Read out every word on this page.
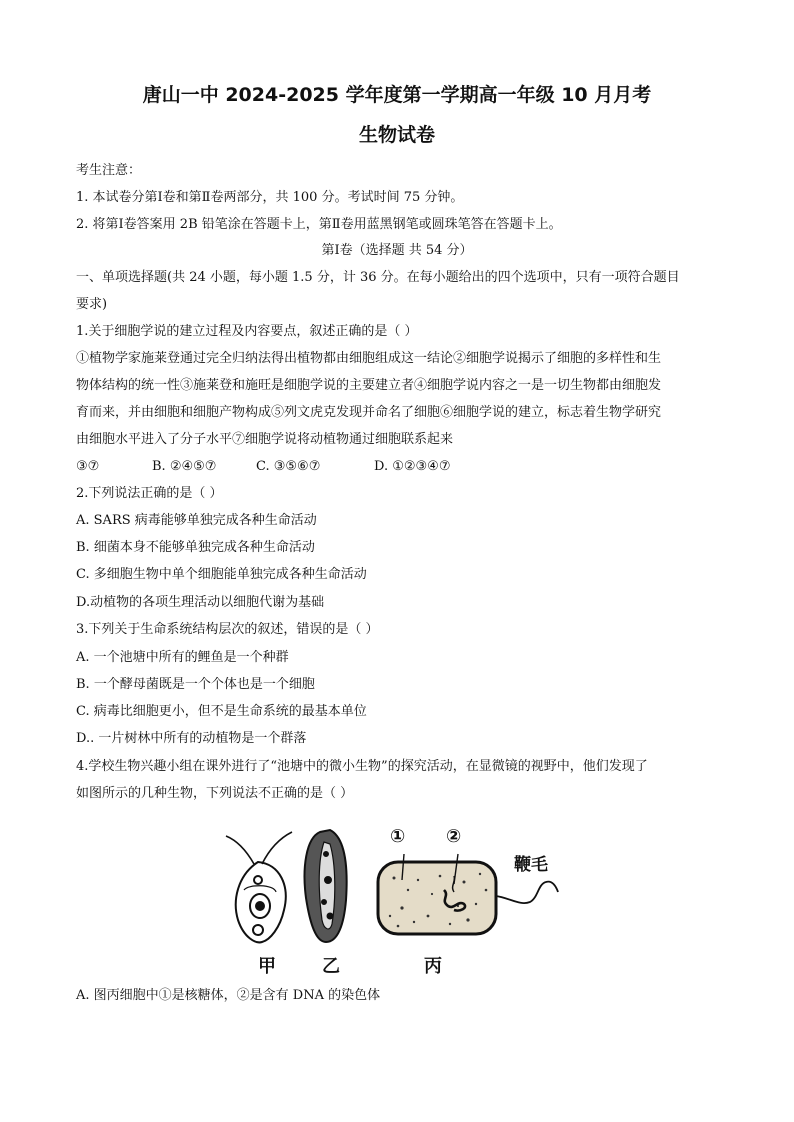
唐山一中 2024-2025 学年度第一学期高一年级 10 月月考
生物试卷
考生注意：
1. 本试卷分第Ⅰ卷和第Ⅱ卷两部分，共 100 分。考试时间 75 分钟。
2. 将第Ⅰ卷答案用 2B 铅笔涂在答题卡上，第Ⅱ卷用蓝黑钢笔或圆珠笔答在答题卡上。
第Ⅰ卷（选择题 共 54 分）
一、单项选择题(共 24 小题，每小题 1.5 分，计 36 分。在每小题给出的四个选项中，只有一项符合题目
要求)
1.关于细胞学说的建立过程及内容要点，叙述正确的是（ ）
①植物学家施莱登通过完全归纳法得出植物都由细胞组成这一结论②细胞学说揭示了细胞的多样性和生
物体结构的统一性③施莱登和施旺是细胞学说的主要建立者④细胞学说内容之一是一切生物都由细胞发
育而来，并由细胞和细胞产物构成⑤列文虎克发现并命名了细胞⑥细胞学说的建立，标志着生物学研究
由细胞水平进入了分子水平⑦细胞学说将动植物通过细胞联系起来
③⑦	B. ②④⑤⑦	C. ③⑤⑥⑦	D. ①②③④⑦
2.下列说法正确的是（ ）
A. SARS 病毒能够单独完成各种生命活动
B. 细菌本身不能够单独完成各种生命活动
C. 多细胞生物中单个细胞能单独完成各种生命活动
D.动植物的各项生理活动以细胞代谢为基础
3.下列关于生命系统结构层次的叙述，错误的是（ ）
A. 一个池塘中所有的鲤鱼是一个种群
B. 一个酵母菌既是一个个体也是一个细胞
C. 病毒比细胞更小，但不是生命系统的最基本单位
D.. 一片树林中所有的动植物是一个群落
4.学校生物兴趣小组在课外进行了“池塘中的微小生物”的探究活动，在显微镜的视野中，他们发现了
如图所示的几种生物，下列说法不正确的是（ ）
① ②
鞭毛
甲	乙	丙
A. 图丙细胞中①是核糖体，②是含有 DNA 的染色体
